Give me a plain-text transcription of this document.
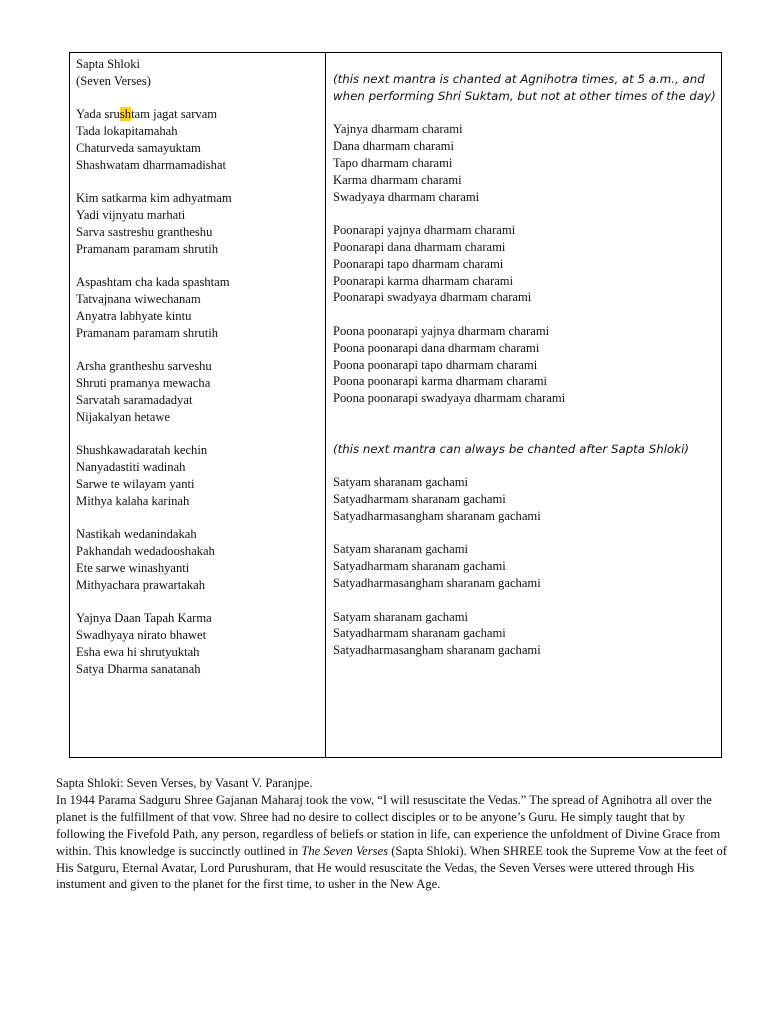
Sapta Shloki
(Seven Verses)
Yada srushtam jagat sarvam
Tada lokapitamahah
Chaturveda samayuktam
Shashwatam dharmamadishat
Kim satkarma kim adhyatmam
Yadi vijnyatu marhati
Sarva sastreshu grantheshu
Pramanam paramam shrutih
Aspashtam cha kada spashtam
Tatvajnana wiwechanam
Anyatra labhyate kintu
Pramanam paramam shrutih
Arsha grantheshu sarveshu
Shruti pramanya mewacha
Sarvatah saramadadyat
Nijakalyan hetawe
Shushkawadaratah kechin
Nanyadastiti wadinah
Sarwe te wilayam yanti
Mithya kalaha karinah
Nastikah wedanindakah
Pakhandah wedadooshakah
Ete sarwe winashyanti
Mithyachara prawartakah
Yajnya Daan Tapah Karma
Swadhyaya nirato bhawet
Esha ewa hi shrutyuktah
Satya Dharma sanatanah
(this next mantra is chanted at Agnihotra times, at 5 a.m., and
when performing Shri Suktam, but not at other times of the day)
Yajnya dharmam charami
Dana dharmam charami
Tapo dharmam charami
Karma dharmam charami
Swadyaya dharmam charami
Poonarapi yajnya dharmam charami
Poonarapi dana dharmam charami
Poonarapi tapo dharmam charami
Poonarapi karma dharmam charami
Poonarapi swadyaya dharmam charami
Poona poonarapi yajnya dharmam charami
Poona poonarapi dana dharmam charami
Poona poonarapi tapo dharmam charami
Poona poonarapi karma dharmam charami
Poona poonarapi swadyaya dharmam charami
(this next mantra can always be chanted after Sapta Shloki)
Satyam sharanam gachami
Satyadharmam sharanam gachami
Satyadharmasangham sharanam gachami
Satyam sharanam gachami
Satyadharmam sharanam gachami
Satyadharmasangham sharanam gachami
Satyam sharanam gachami
Satyadharmam sharanam gachami
Satyadharmasangham sharanam gachami

Sapta Shloki: Seven Verses, by Vasant V. Paranjpe.

In 1944 Parama Sadguru Shree Gajanan Maharaj took the vow, “I will resuscitate the Vedas.” The spread of Agnihotra all over the planet is the fulfillment of that vow. Shree had no desire to collect disciples or to be anyone’s Guru. He simply taught that by following the Fivefold Path, any person, regardless of beliefs or station in life, can experience the unfoldment of Divine Grace from within. This knowledge is succinctly outlined in The Seven Verses (Sapta Shloki). When SHREE took the Supreme Vow at the feet of His Satguru, Eternal Avatar, Lord Purushuram, that He would resuscitate the Vedas, the Seven Verses were uttered through His instument and given to the planet for the first time, to usher in the New Age.
